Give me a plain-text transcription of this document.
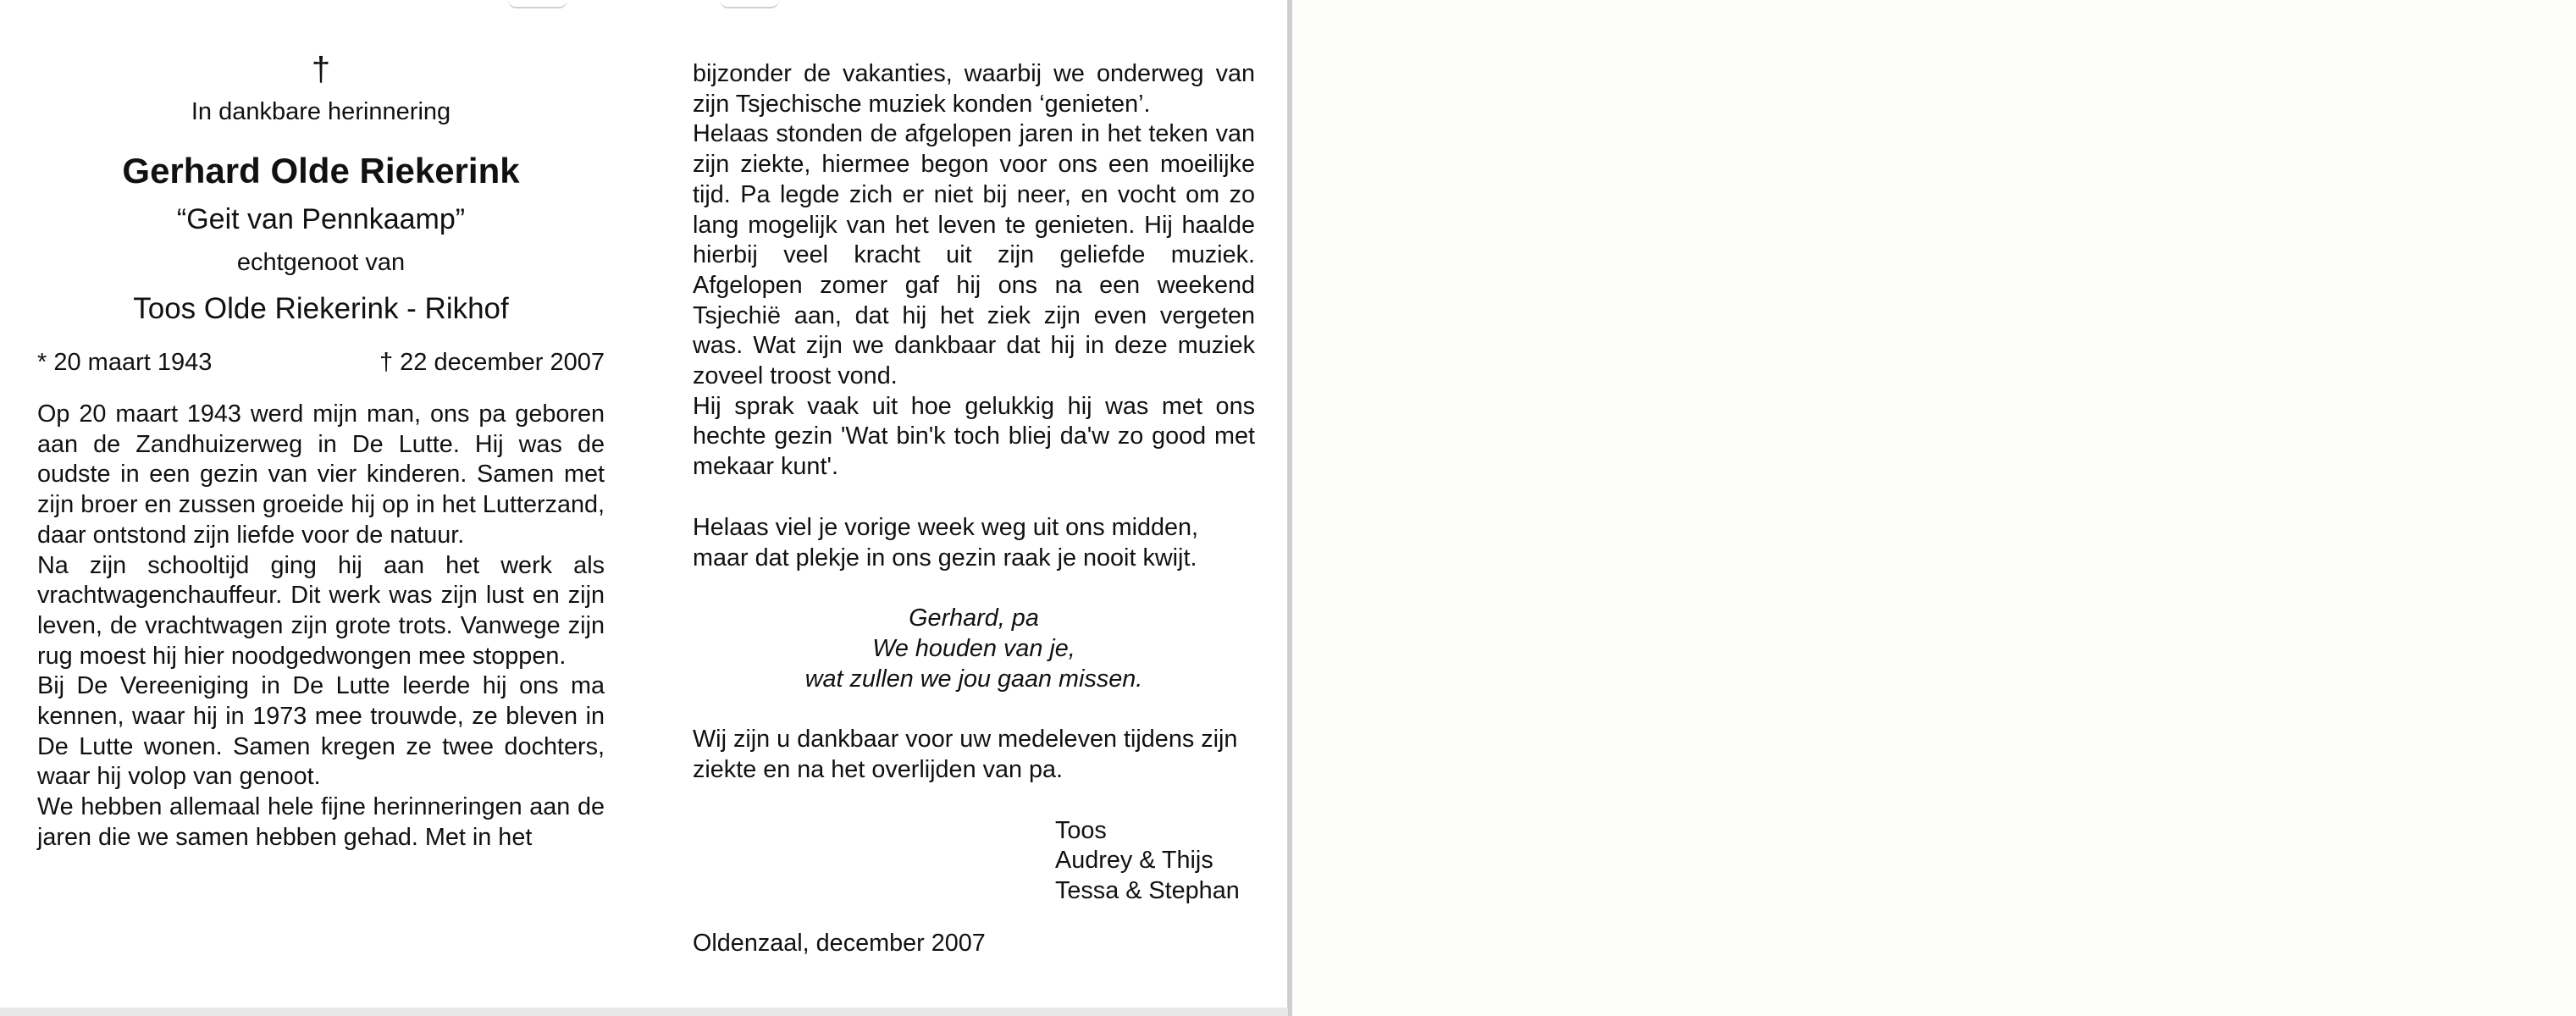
†
In dankbare herinnering
Gerhard Olde Riekerink
“Geit van Pennkaamp”
echtgenoot van
Toos Olde Riekerink - Rikhof
* 20 maart 1943	† 22 december 2007

Op 20 maart 1943 werd mijn man, ons pa geboren aan de Zandhuizerweg in De Lutte. Hij was de oudste in een gezin van vier kinderen. Samen met zijn broer en zussen groeide hij op in het Lutterzand, daar ontstond zijn liefde voor de natuur.

Na zijn schooltijd ging hij aan het werk als vrachtwagenchauffeur. Dit werk was zijn lust en zijn leven, de vrachtwagen zijn grote trots. Vanwege zijn rug moest hij hier noodgedwongen mee stoppen.

Bij De Vereeniging in De Lutte leerde hij ons ma kennen, waar hij in 1973 mee trouwde, ze bleven in De Lutte wonen. Samen kregen ze twee dochters, waar hij volop van genoot.

We hebben allemaal hele fijne herinneringen aan de jaren die we samen hebben gehad. Met in het

bijzonder de vakanties, waarbij we onderweg van zijn Tsjechische muziek konden ‘genieten’.

Helaas stonden de afgelopen jaren in het teken van zijn ziekte, hiermee begon voor ons een moeilijke tijd. Pa legde zich er niet bij neer, en vocht om zo lang mogelijk van het leven te genieten. Hij haalde hierbij veel kracht uit zijn geliefde muziek. Afgelopen zomer gaf hij ons na een weekend Tsjechië aan, dat hij het ziek zijn even vergeten was. Wat zijn we dankbaar dat hij in deze muziek zoveel troost vond.

Hij sprak vaak uit hoe gelukkig hij was met ons hechte gezin 'Wat bin'k toch bliej da'w zo good met mekaar kunt'.

Helaas viel je vorige week weg uit ons midden, maar dat plekje in ons gezin raak je nooit kwijt.
Gerhard, pa
We houden van je,
wat zullen we jou gaan missen.
Wij zijn u dankbaar voor uw medeleven tijdens zijn ziekte en na het overlijden van pa.
Toos
Audrey & Thijs
Tessa & Stephan
Oldenzaal, december 2007
